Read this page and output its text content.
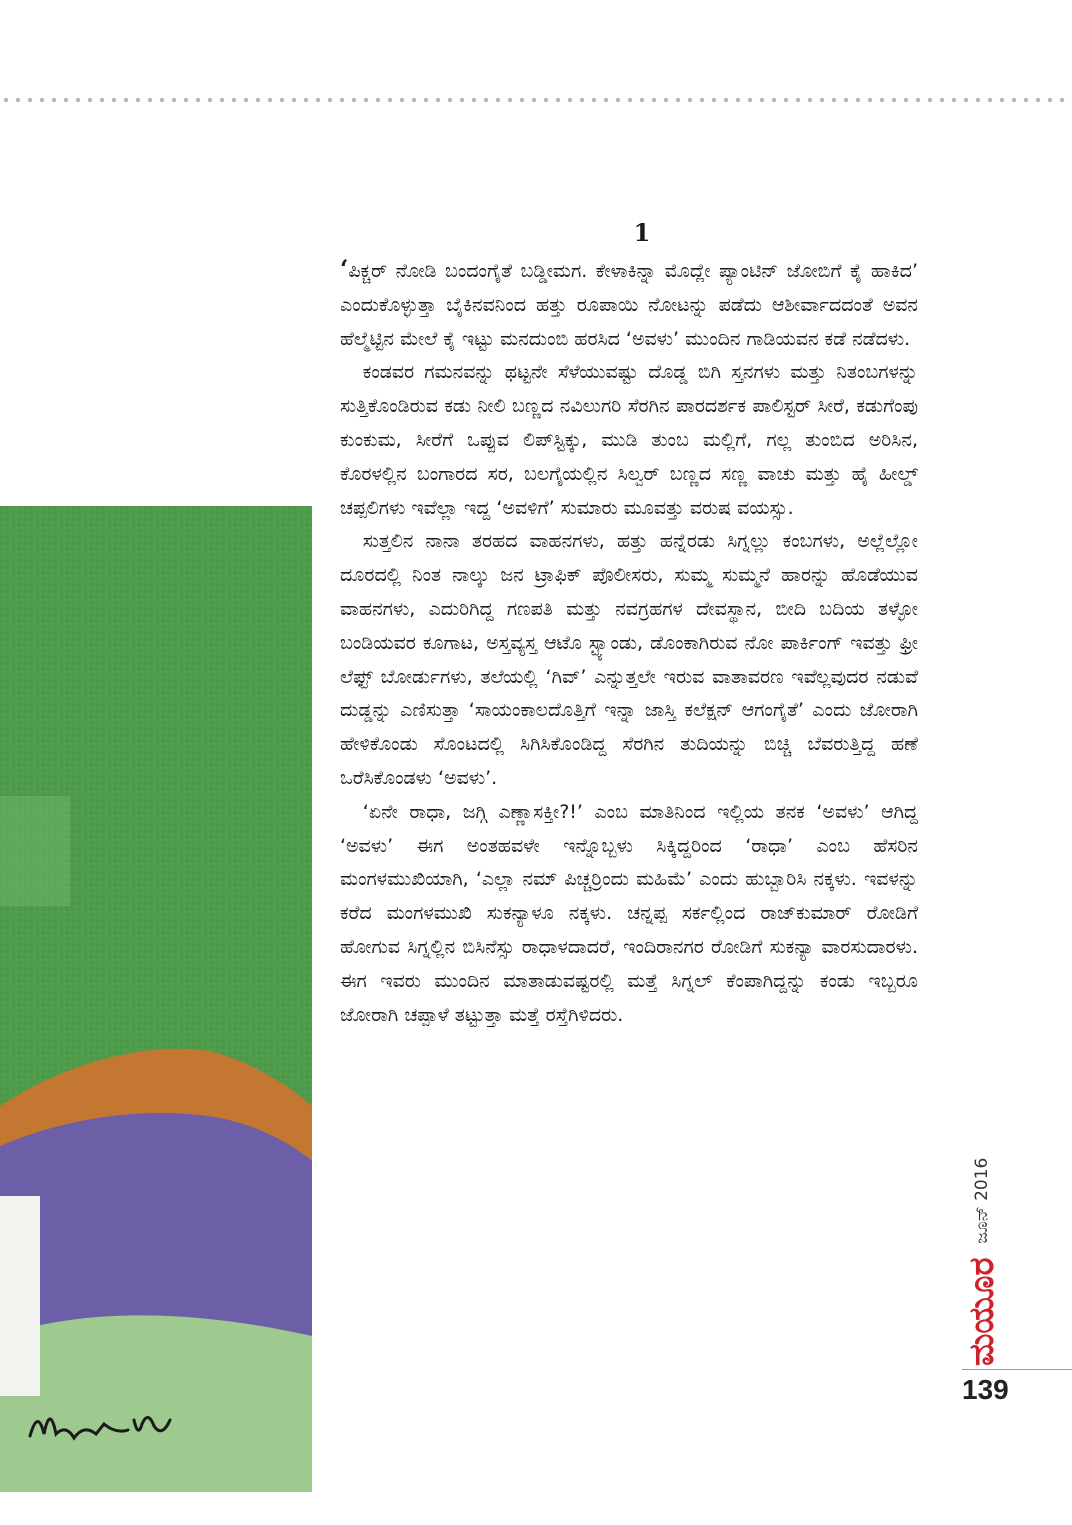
1

‘ಪಿಕ್ಚರ್ ನೋಡಿ ಬಂದಂಗೈತೆ ಬಡ್ಡೀಮಗ. ಕೇಳಾಕಿನ್ನಾ ಮೊದ್ಲೇ ಪ್ಯಾಂಟಿನ್ ಜೋಬಿಗೆ ಕೈ ಹಾಕಿದ’ ಎಂದುಕೊಳ್ಳುತ್ತಾ ಬೈಕಿನವನಿಂದ ಹತ್ತು ರೂಪಾಯಿ ನೋಟನ್ನು ಪಡೆದು ಆಶೀರ್ವಾದದಂತೆ ಅವನ ಹೆಲ್ಮೆಟ್ಟಿನ ಮೇಲೆ ಕೈ ಇಟ್ಟು ಮನದುಂಬಿ ಹರಸಿದ ‘ಅವಳು’ ಮುಂದಿನ ಗಾಡಿಯವನ ಕಡೆ ನಡೆದಳು.

ಕಂಡವರ ಗಮನವನ್ನು ಥಟ್ಟನೇ ಸೆಳೆಯುವಷ್ಟು ದೊಡ್ಡ ಬಿಗಿ ಸ್ತನಗಳು ಮತ್ತು ನಿತಂಬಗಳನ್ನು ಸುತ್ತಿಕೊಂಡಿರುವ ಕಡು ನೀಲಿ ಬಣ್ಣದ ನವಿಲುಗರಿ ಸೆರಗಿನ ಪಾರದರ್ಶಕ ಪಾಲಿಸ್ಟರ್ ಸೀರೆ, ಕಡುಗೆಂಪು ಕುಂಕುಮ, ಸೀರೆಗೆ ಒಪ್ಪುವ ಲಿಪ್‌ಸ್ಟಿಕ್ಕು, ಮುಡಿ ತುಂಬ ಮಲ್ಲಿಗೆ, ಗಲ್ಲ ತುಂಬಿದ ಅರಿಸಿನ, ಕೊರಳಲ್ಲಿನ ಬಂಗಾರದ ಸರ, ಬಲಗೈಯಲ್ಲಿನ ಸಿಲ್ವರ್ ಬಣ್ಣದ ಸಣ್ಣ ವಾಚು ಮತ್ತು ಹೈ ಹೀಲ್ಡ್ ಚಪ್ಪಲಿಗಳು ಇವೆಲ್ಲಾ ಇದ್ದ ‘ಅವಳಿಗೆ’ ಸುಮಾರು ಮೂವತ್ತು ವರುಷ ವಯಸ್ಸು.

ಸುತ್ತಲಿನ ನಾನಾ ತರಹದ ವಾಹನಗಳು, ಹತ್ತು ಹನ್ನೆರಡು ಸಿಗ್ನಲ್ಲು ಕಂಬಗಳು, ಅಲ್ಲೆಲ್ಲೋ ದೂರದಲ್ಲಿ ನಿಂತ ನಾಲ್ಕು ಜನ ಟ್ರಾಫಿಕ್ ಪೊಲೀಸರು, ಸುಮ್ಮ ಸುಮ್ಮನೆ ಹಾರನ್ನು ಹೊಡೆಯುವ ವಾಹನಗಳು, ಎದುರಿಗಿದ್ದ ಗಣಪತಿ ಮತ್ತು ನವಗ್ರಹಗಳ ದೇವಸ್ಥಾನ, ಬೀದಿ ಬದಿಯ ತಳ್ಳೋ ಬಂಡಿಯವರ ಕೂಗಾಟ, ಅಸ್ತವ್ಯಸ್ತ ಆಟೊ ಸ್ಟ್ಯಾಂಡು, ಡೊಂಕಾಗಿರುವ ನೋ ಪಾರ್ಕಿಂಗ್ ಇವತ್ತು ಫ್ರೀ ಲೆಫ್ಟ್ ಬೋರ್ಡುಗಳು, ತಲೆಯಲ್ಲಿ ‘ಗಿವ್’ ಎನ್ನುತ್ತಲೇ ಇರುವ ವಾತಾವರಣ ಇವೆಲ್ಲವುದರ ನಡುವೆ ದುಡ್ಡನ್ನು ಎಣಿಸುತ್ತಾ ‘ಸಾಯಂಕಾಲದೊತ್ತಿಗೆ ಇನ್ನಾ ಜಾಸ್ತಿ ಕಲೆಕ್ಷನ್ ಆಗಂಗೈತೆ’ ಎಂದು ಜೋರಾಗಿ ಹೇಳಿಕೊಂಡು ಸೊಂಟದಲ್ಲಿ ಸಿಗಿಸಿಕೊಂಡಿದ್ದ ಸೆರಗಿನ ತುದಿಯನ್ನು ಬಿಚ್ಚಿ ಬೆವರುತ್ತಿದ್ದ ಹಣೆ ಒರೆಸಿಕೊಂಡಳು ‘ಅವಳು’.

‘ಏನೇ ರಾಧಾ, ಜಗ್ಗಿ ಎಣ್ಣಾಸಕ್ತೀ?!’ ಎಂಬ ಮಾತಿನಿಂದ ಇಲ್ಲಿಯ ತನಕ ‘ಅವಳು’ ಆಗಿದ್ದ ‘ಅವಳು’ ಈಗ ಅಂತಹವಳೇ ಇನ್ನೊಬ್ಬಳು ಸಿಕ್ಕಿದ್ದರಿಂದ ‘ರಾಧಾ’ ಎಂಬ ಹೆಸರಿನ ಮಂಗಳಮುಖಿಯಾಗಿ, ‘ಎಲ್ಲಾ ನಮ್ ಪಿಚ್ಚರ್ರಿಂದು ಮಹಿಮೆ’ ಎಂದು ಹುಬ್ಬಾರಿಸಿ ನಕ್ಕಳು. ಇವಳನ್ನು ಕರೆದ ಮಂಗಳಮುಖಿ ಸುಕನ್ಯಾಳೂ ನಕ್ಕಳು. ಚನ್ನಪ್ಪ ಸರ್ಕಲ್ಲಿಂದ ರಾಜ್‌ಕುಮಾರ್ ರೋಡಿಗೆ ಹೋಗುವ ಸಿಗ್ನಲ್ಲಿನ ಬಿಸಿನೆಸ್ಸು ರಾಧಾಳದಾದರೆ, ಇಂದಿರಾನಗರ ರೋಡಿಗೆ ಸುಕನ್ಯಾ ವಾರಸುದಾರಳು. ಈಗ ಇವರು ಮುಂದಿನ ಮಾತಾಡುವಷ್ಟರಲ್ಲಿ ಮತ್ತೆ ಸಿಗ್ನಲ್ ಕೆಂಪಾಗಿದ್ದನ್ನು ಕಂಡು ಇಬ್ಬರೂ ಜೋರಾಗಿ ಚಪ್ಪಾಳೆ ತಟ್ಟುತ್ತಾ ಮತ್ತೆ ರಸ್ತೆಗಿಳಿದರು.

ಮಯೂರ
ಜೂನ್ 2016
139
